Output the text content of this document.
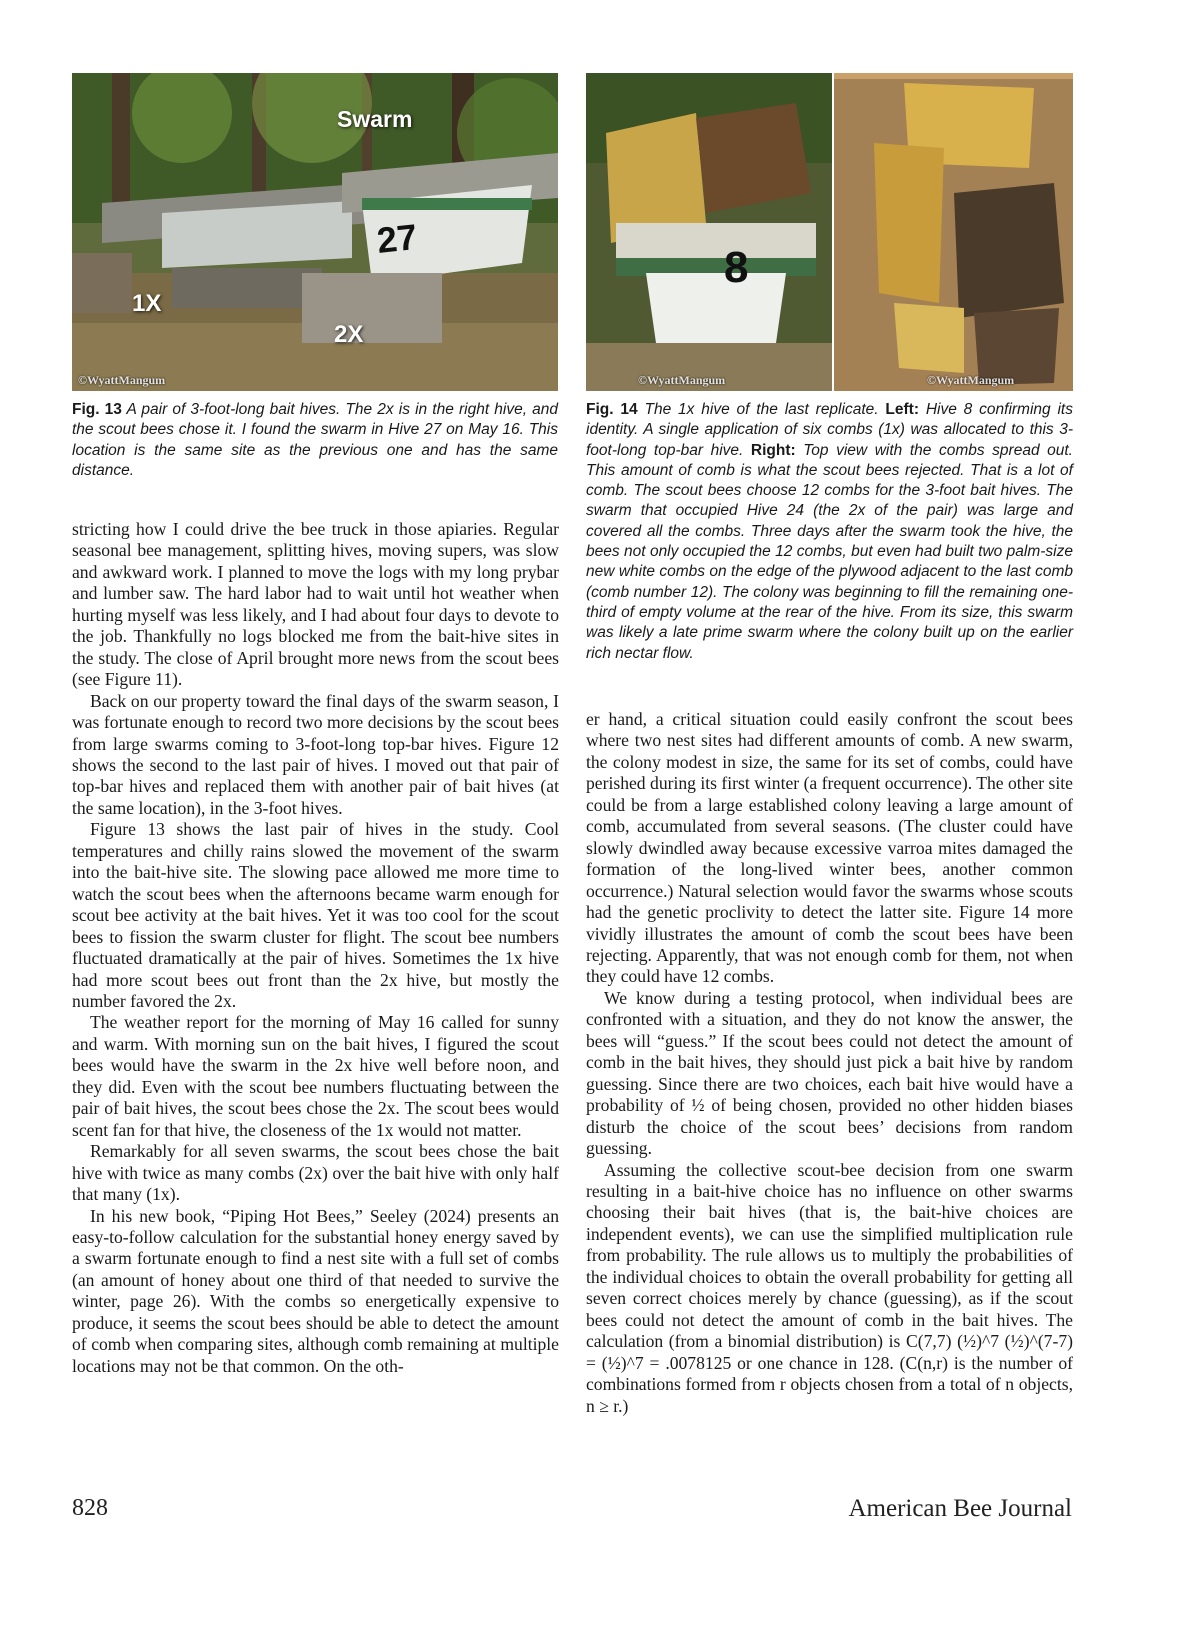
Swarm
27
1X
2X
©WyattMangum
8
©WyattMangum	©WyattMangum
Fig. 13 A pair of 3-foot-long bait hives. The 2x is in the right hive, and the scout bees chose it. I found the swarm in Hive 27 on May 16. This location is the same site as the previous one and has the same distance.
Fig. 14 The 1x hive of the last replicate. Left: Hive 8 confirming its identity. A single application of six combs (1x) was allocated to this 3-foot-long top-bar hive. Right: Top view with the combs spread out. This amount of comb is what the scout bees rejected. That is a lot of comb. The scout bees choose 12 combs for the 3-foot bait hives. The swarm that occupied Hive 24 (the 2x of the pair) was large and covered all the combs. Three days after the swarm took the hive, the bees not only occupied the 12 combs, but even had built two palm-size new white combs on the edge of the plywood adjacent to the last comb (comb number 12). The colony was beginning to fill the remaining one-third of empty volume at the rear of the hive. From its size, this swarm was likely a late prime swarm where the colony built up on the earlier rich nectar flow.

stricting how I could drive the bee truck in those apiaries. Regular seasonal bee management, splitting hives, moving supers, was slow and awkward work. I planned to move the logs with my long prybar and lumber saw. The hard labor had to wait until hot weather when hurting myself was less likely, and I had about four days to devote to the job. Thankfully no logs blocked me from the bait-hive sites in the study. The close of April brought more news from the scout bees (see Figure 11).

Back on our property toward the final days of the swarm season, I was fortunate enough to record two more decisions by the scout bees from large swarms coming to 3-foot-long top-bar hives. Figure 12 shows the second to the last pair of hives. I moved out that pair of top-bar hives and replaced them with another pair of bait hives (at the same location), in the 3-foot hives.

Figure 13 shows the last pair of hives in the study. Cool temperatures and chilly rains slowed the movement of the swarm into the bait-hive site. The slowing pace allowed me more time to watch the scout bees when the afternoons became warm enough for scout bee activity at the bait hives. Yet it was too cool for the scout bees to fission the swarm cluster for flight. The scout bee numbers fluctuated dramatically at the pair of hives. Sometimes the 1x hive had more scout bees out front than the 2x hive, but mostly the number favored the 2x.

The weather report for the morning of May 16 called for sunny and warm. With morning sun on the bait hives, I figured the scout bees would have the swarm in the 2x hive well before noon, and they did. Even with the scout bee numbers fluctuating between the pair of bait hives, the scout bees chose the 2x. The scout bees would scent fan for that hive, the closeness of the 1x would not matter.

Remarkably for all seven swarms, the scout bees chose the bait hive with twice as many combs (2x) over the bait hive with only half that many (1x).

In his new book, “Piping Hot Bees,” Seeley (2024) presents an easy-to-follow calculation for the substantial honey energy saved by a swarm fortunate enough to find a nest site with a full set of combs (an amount of honey about one third of that needed to survive the winter, page 26). With the combs so energetically expensive to produce, it seems the scout bees should be able to detect the amount of comb when comparing sites, although comb remaining at multiple locations may not be that common. On the oth-

er hand, a critical situation could easily confront the scout bees where two nest sites had different amounts of comb. A new swarm, the colony modest in size, the same for its set of combs, could have perished during its first winter (a frequent occurrence). The other site could be from a large established colony leaving a large amount of comb, accumulated from several seasons. (The cluster could have slowly dwindled away because excessive varroa mites damaged the formation of the long-lived winter bees, another common occurrence.) Natural selection would favor the swarms whose scouts had the genetic proclivity to detect the latter site. Figure 14 more vividly illustrates the amount of comb the scout bees have been rejecting. Apparently, that was not enough comb for them, not when they could have 12 combs.

We know during a testing protocol, when individual bees are confronted with a situation, and they do not know the answer, the bees will “guess.” If the scout bees could not detect the amount of comb in the bait hives, they should just pick a bait hive by random guessing. Since there are two choices, each bait hive would have a probability of ½ of being chosen, provided no other hidden biases disturb the choice of the scout bees’ decisions from random guessing.

Assuming the collective scout-bee decision from one swarm resulting in a bait-hive choice has no influence on other swarms choosing their bait hives (that is, the bait-hive choices are independent events), we can use the simplified multiplication rule from probability. The rule allows us to multiply the probabilities of the individual choices to obtain the overall probability for getting all seven correct choices merely by chance (guessing), as if the scout bees could not detect the amount of comb in the bait hives. The calculation (from a binomial distribution) is C(7,7) (½)^7 (½)^(7-7) = (½)^7 = .0078125 or one chance in 128. (C(n,r) is the number of combinations formed from r objects chosen from a total of n objects, n ≥ r.)

828	American Bee Journal
